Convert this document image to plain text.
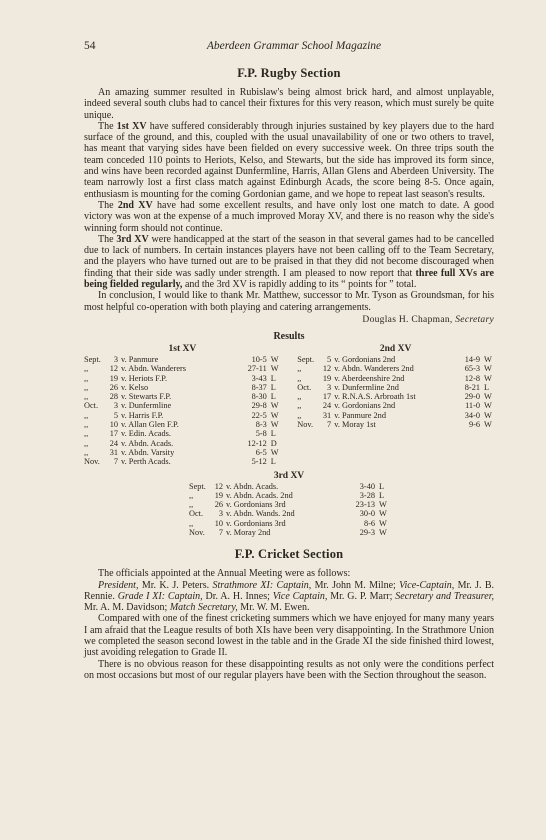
54	Aberdeen Grammar School Magazine
F.P. Rugby Section

An amazing summer resulted in Rubislaw's being almost brick hard, and almost unplayable, indeed several south clubs had to cancel their fixtures for this very reason, which must surely be quite unique.

The 1st XV have suffered considerably through injuries sustained by key players due to the hard surface of the ground, and this, coupled with the usual unavailability of one or two others to travel, has meant that varying sides have been fielded on every successive week. On three trips south the team conceded 110 points to Heriots, Kelso, and Stewarts, but the side has improved its form since, and wins have been recorded against Dunfermline, Harris, Allan Glens and Aberdeen University. The team narrowly lost a first class match against Edinburgh Acads, the score being 8-5. Once again, enthusiasm is mounting for the coming Gordonian game, and we hope to repeat last season's results.

The 2nd XV have had some excellent results, and have only lost one match to date. A good victory was won at the expense of a much improved Moray XV, and there is no reason why the side's winning form should not continue.

The 3rd XV were handicapped at the start of the season in that several games had to be cancelled due to lack of numbers. In certain instances players have not been calling off to the Team Secretary, and the players who have turned out are to be praised in that they did not become discouraged when finding that their side was sadly under strength. I am pleased to now report that three full XVs are being fielded regularly, and the 3rd XV is rapidly adding to its “ points for ” total.

In conclusion, I would like to thank Mr. Matthew, successor to Mr. Tyson as Groundsman, for his most helpful co-operation with both playing and catering arrangements.

Douglas H. Chapman, Secretary
Results
1st XV
Sept.	3	v. Panmure	10-5	W
,,	12	v. Abdn. Wanderers	27-11	W
,,	19	v. Heriots F.P.	3-43	L
,,	26	v. Kelso	8-37	L
,,	28	v. Stewarts F.P.	8-30	L
Oct.	3	v. Dunfermline	29-8	W
,,	5	v. Harris F.P.	22-5	W
,,	10	v. Allan Glen F.P.	8-3	W
,,	17	v. Edin. Acads.	5-8	L
,,	24	v. Abdn. Acads.	12-12	D
,,	31	v. Abdn. Varsity	6-5	W
Nov.	7	v. Perth Acads.	5-12	L
2nd XV
Sept.	5	v. Gordonians 2nd	14-9	W
,,	12	v. Abdn. Wanderers 2nd	65-3	W
,,	19	v. Aberdeenshire 2nd	12-8	W
Oct.	3	v. Dunfermline 2nd	8-21	L
,,	17	v. R.N.A.S. Arbroath 1st	29-0	W
,,	24	v. Gordonians 2nd	11-0	W
,,	31	v. Panmure 2nd	34-0	W
Nov.	7	v. Moray 1st	9-6	W
3rd XV
Sept.	12	v. Abdn. Acads.	3-40	L
,,	19	v. Abdn. Acads. 2nd	3-28	L
,,	26	v. Gordonians 3rd	23-13	W
Oct.	3	v. Abdn. Wands. 2nd	30-0	W
,,	10	v. Gordonians 3rd	8-6	W
Nov.	7	v. Moray 2nd	29-3	W
F.P. Cricket Section

The officials appointed at the Annual Meeting were as follows:

President, Mr. K. J. Peters. Strathmore XI: Captain, Mr. John M. Milne; Vice-Captain, Mr. J. B. Rennie. Grade I XI: Captain, Dr. A. H. Innes; Vice Captain, Mr. G. P. Marr; Secretary and Treasurer, Mr. A. M. Davidson; Match Secretary, Mr. W. M. Ewen.

Compared with one of the finest cricketing summers which we have enjoyed for many many years I am afraid that the League results of both XIs have been very disappointing. In the Strathmore Union we completed the season second lowest in the table and in the Grade XI the side finished third lowest, just avoiding relegation to Grade II.

There is no obvious reason for these disappointing results as not only were the conditions perfect on most occasions but most of our regular players have been with the Section throughout the season.
